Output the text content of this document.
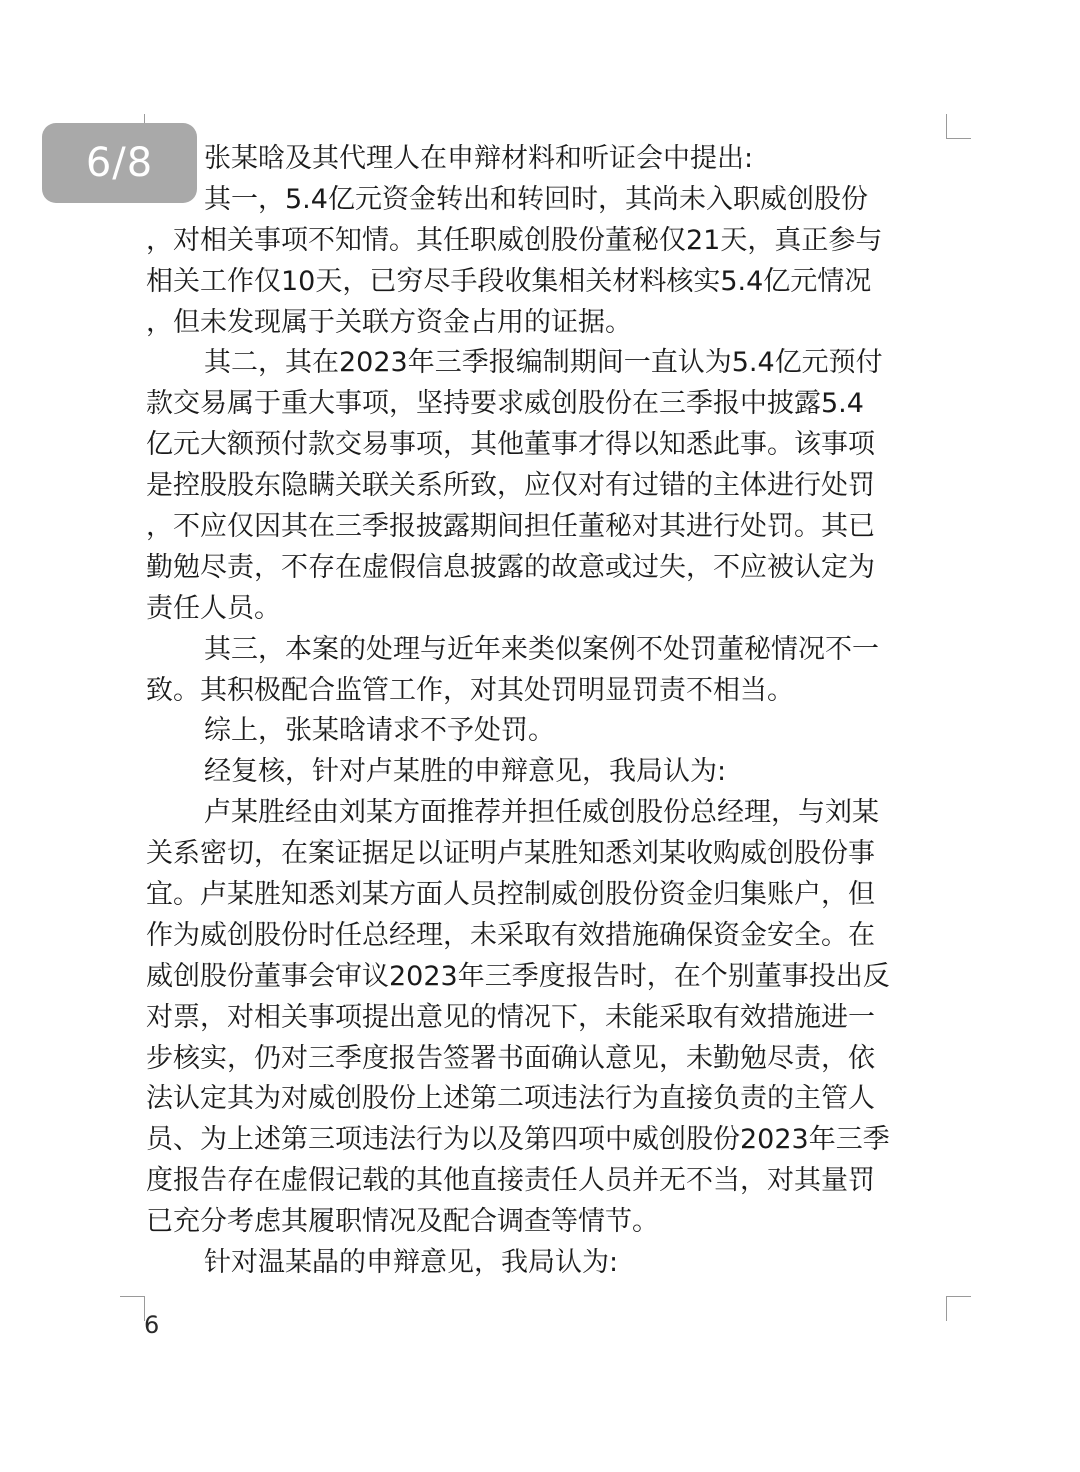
6/8	张某晗及其代理人在申辩材料和听证会中提出:
其一，5.4亿元资金转出和转回时，其尚未入职威创股份
，对相关事项不知情。其任职威创股份董秘仅21天，真正参与
相关工作仅10天，已穷尽手段收集相关材料核实5.4亿元情况
，但未发现属于关联方资金占用的证据。
其二，其在2023年三季报编制期间一直认为5.4亿元预付
款交易属于重大事项，坚持要求威创股份在三季报中披露5.4
亿元大额预付款交易事项，其他董事才得以知悉此事。该事项
是控股股东隐瞒关联关系所致，应仅对有过错的主体进行处罚
，不应仅因其在三季报披露期间担任董秘对其进行处罚。其已
勤勉尽责，不存在虚假信息披露的故意或过失，不应被认定为
责任人员。
其三，本案的处理与近年来类似案例不处罚董秘情况不一
致。其积极配合监管工作，对其处罚明显罚责不相当。
综上，张某晗请求不予处罚。
经复核，针对卢某胜的申辩意见，我局认为:
卢某胜经由刘某方面推荐并担任威创股份总经理，与刘某
关系密切，在案证据足以证明卢某胜知悉刘某收购威创股份事
宜。卢某胜知悉刘某方面人员控制威创股份资金归集账户，但
作为威创股份时任总经理，未采取有效措施确保资金安全。在
威创股份董事会审议2023年三季度报告时，在个别董事投出反
对票，对相关事项提出意见的情况下，未能采取有效措施进一
步核实，仍对三季度报告签署书面确认意见，未勤勉尽责，依
法认定其为对威创股份上述第二项违法行为直接负责的主管人
员、为上述第三项违法行为以及第四项中威创股份2023年三季
度报告存在虚假记载的其他直接责任人员并无不当，对其量罚
已充分考虑其履职情况及配合调查等情节。
针对温某晶的申辩意见，我局认为:
6
